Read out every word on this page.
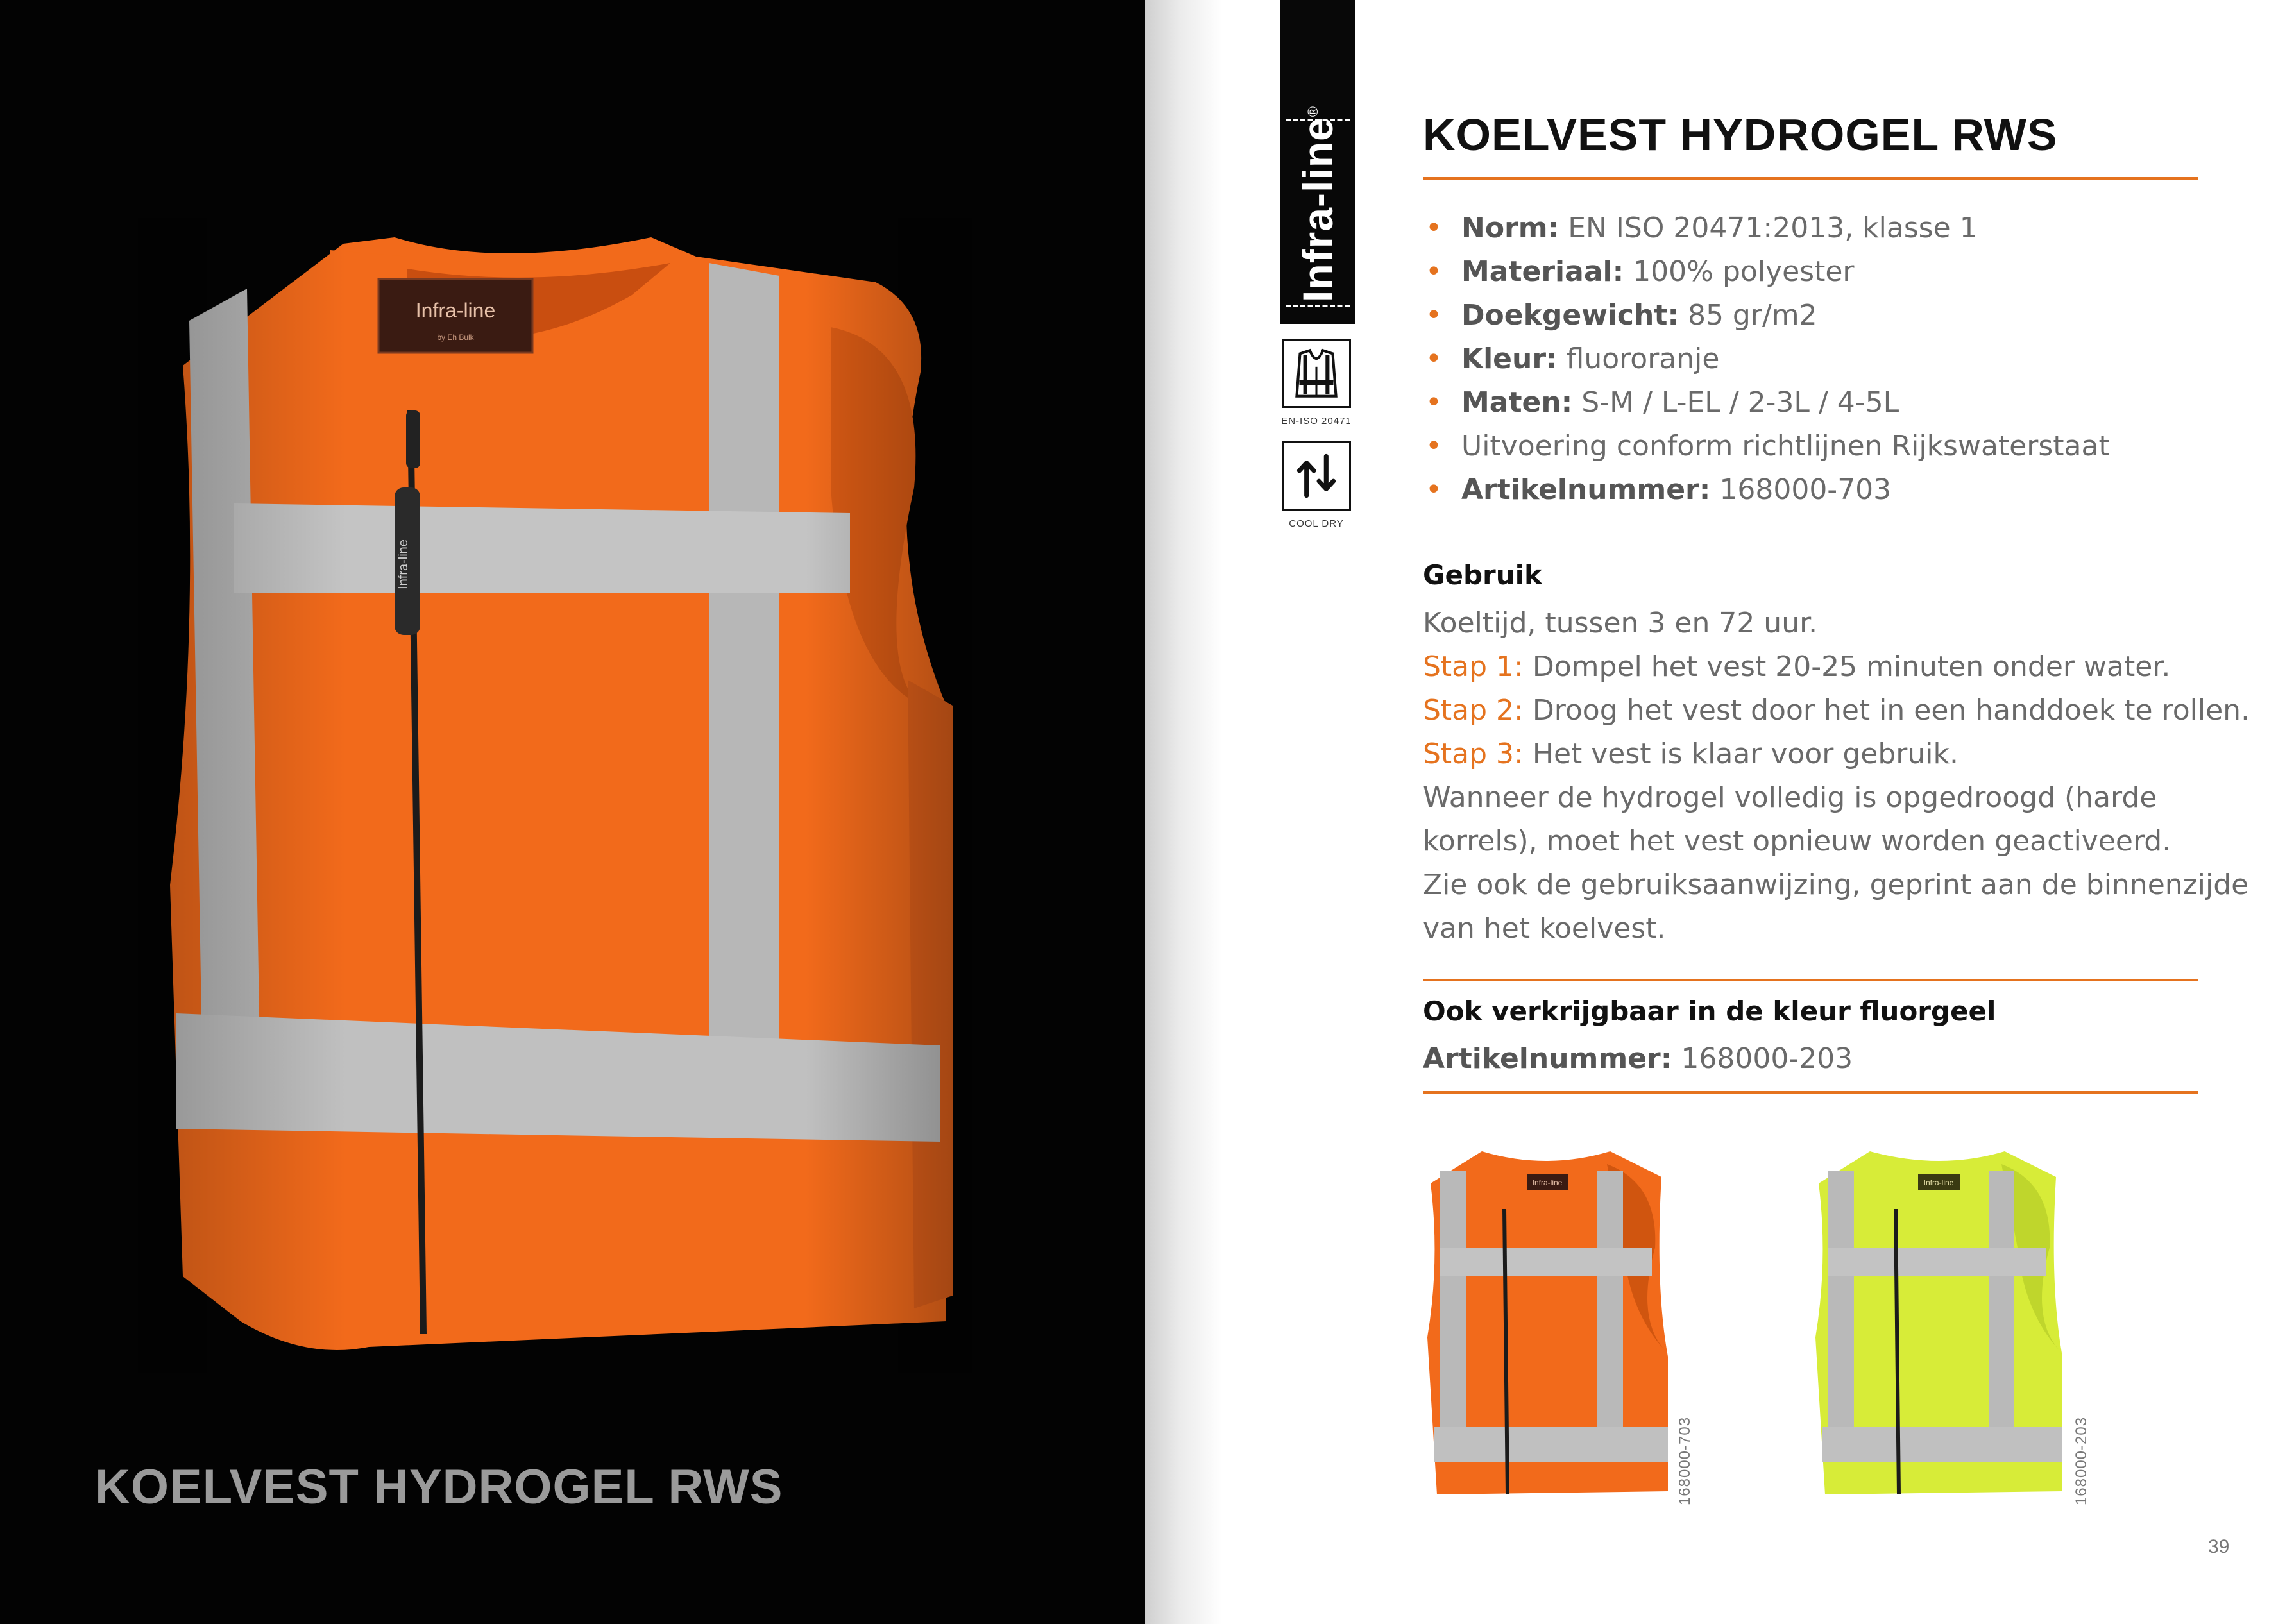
KOELVEST HYDROGEL RWS
Infra-line®
EN-ISO 20471
COOL DRY
KOELVEST HYDROGEL RWS
• Norm: EN ISO 20471:2013, klasse 1
• Materiaal: 100% polyester
• Doekgewicht: 85 gr/m2
• Kleur: fluororanje
• Maten: S-M / L-EL / 2-3L / 4-5L
• Uitvoering conform richtlijnen Rijkswaterstaat
• Artikelnummer: 168000-703
Gebruik
Koeltijd, tussen 3 en 72 uur.
Stap 1: Dompel het vest 20-25 minuten onder water.
Stap 2: Droog het vest door het in een handdoek te rollen.
Stap 3: Het vest is klaar voor gebruik.
Wanneer de hydrogel volledig is opgedroogd (harde
korrels), moet het vest opnieuw worden geactiveerd.
Zie ook de gebruiksaanwijzing, geprint aan de binnenzijde
van het koelvest.
Ook verkrijgbaar in de kleur fluorgeel
Artikelnummer: 168000-203
Infra-line
168000-703
Infra-line
168000-203
39
